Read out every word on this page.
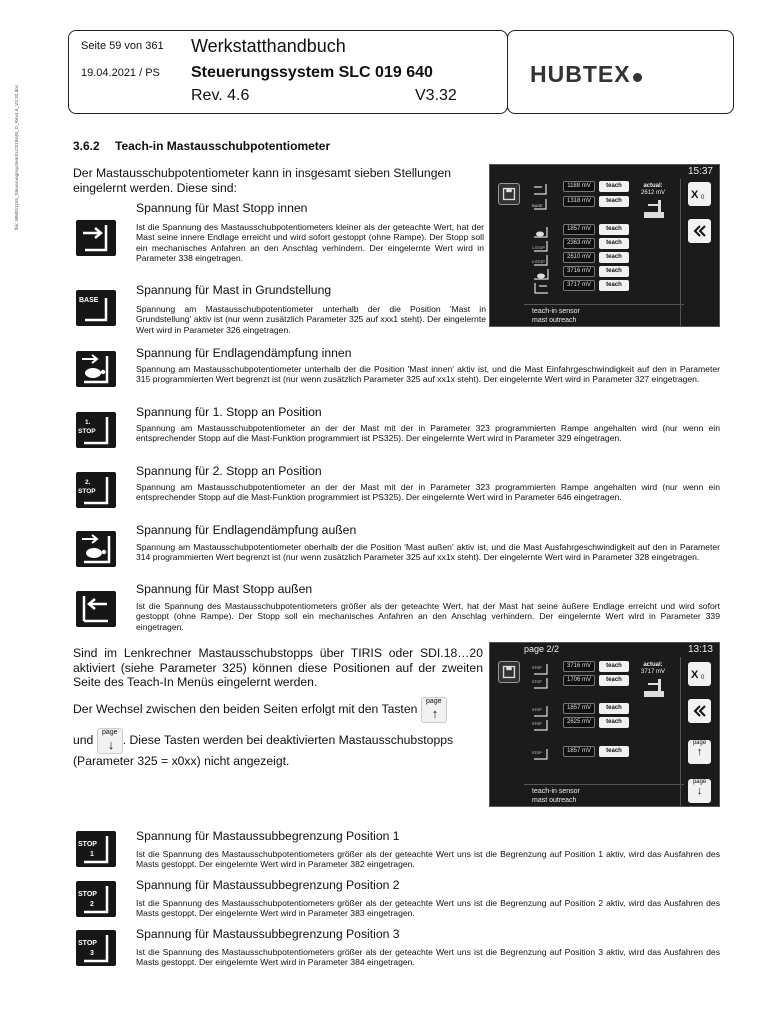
file: WM011155_SteuerungssystemSLC019640_D_Rev4.6_V3.32.doc
Seite 59 von 361
19.04.2021 / PS
Werkstatthandbuch
Steuerungssystem SLC 019 640
Rev. 4.6	V3.32
HUBTEX
3.6.2 Teach-in Mastausschubpotentiometer
Der Mastausschubpotentiometer kann in insgesamt sieben Stellungen eingelernt werden. Diese sind:
Spannung für Mast Stopp innen
Ist die Spannung des Mastausschubpotentiometers kleiner als der geteachte Wert, hat der Mast seine innere Endlage erreicht und wird sofort gestoppt (ohne Rampe). Der Stopp soll ein mechanisches Anfahren an den Anschlag verhindern. Der eingelernte Wert wird in Parameter 338 eingetragen.
Spannung für Mast in Grundstellung
Spannung am Mastausschubpotentiometer unterhalb der die Position 'Mast in Grundstellung' aktiv ist (nur wenn zusätzlich Parameter 325 auf xxx1 steht). Der eingelernte Wert wird in Parameter 326 eingetragen.
BASE
Spannung für Endlagendämpfung innen
Spannung am Mastausschubpotentiometer unterhalb der die Position 'Mast innen' aktiv ist, und die Mast Einfahrgeschwindigkeit auf den in Parameter 315 programmierten Wert begrenzt ist (nur wenn zusätzlich Parameter 325 auf xx1x steht). Der eingelernte Wert wird in Parameter 327 eingetragen.
Spannung für 1. Stopp an Position
Spannung am Mastausschubpotentiometer an der der Mast mit der in Parameter 323 programmierten Rampe angehalten wird (nur wenn ein entsprechender Stopp auf die Mast-Funktion programmiert ist PS325). Der eingelernte Wert wird in Parameter 329 eingetragen.
1.
STOP
Spannung für 2. Stopp an Position
Spannung am Mastausschubpotentiometer an der der Mast mit der in Parameter 323 programmierten Rampe angehalten wird (nur wenn ein entsprechender Stopp auf die Mast-Funktion programmiert ist PS325). Der eingelernte Wert wird in Parameter 646 eingetragen.
2.
STOP
Spannung für Endlagendämpfung außen
Spannung am Mastausschubpotentiometer oberhalb der die Position 'Mast außen' aktiv ist, und die Mast Ausfahrgeschwindigkeit auf den in Parameter 314 programmierten Wert begrenzt ist (nur wenn zusätzlich Parameter 325 auf xx1x steht). Der eingelernte Wert wird in Parameter 328 eingetragen.
Spannung für Mast Stopp außen
Ist die Spannung des Mastausschubpotentiometers größer als der geteachte Wert, hat der Mast hat seine äußere Endlage erreicht und wird sofort gestoppt (ohne Rampe). Der Stopp soll ein mechanisches Anfahren an den Anschlag verhindern. Der eingelernte Wert wird in Parameter 339 eingetragen.
15:37
1188 mV	teach
BASE
1318 mV	teach
actual:
2612 mV
1857 mV	teach
1.STOP
2363 mV	teach
2.STOP
2610 mV	teach
3716 mV	teach
3717 mV	teach
X 0
teach-in sensor
mast outreach
Sind im Lenkrechner Mastausschubstopps über TIRIS oder SDI.18…20 aktiviert (siehe Parameter 325) können diese Positionen auf der zweiten Seite des Teach-In Menüs eingelernt werden.
Der Wechsel zwischen den beiden Seiten erfolgt mit den Tasten page
↑
und page
↓ . Diese Tasten werden bei deaktivierten Mastausschubstopps (Parameter 325 = x0xx) nicht angezeigt.
page 2/2	13:13
STOP	3716 mV	teach
STOP	1706 mV	teach
actual:
3717 mV
STOP	1857 mV	teach
STOP	2625 mV	teach
STOP	1857 mV	teach
X 0
page
↑
page
↓
teach-in sensor
mast outreach
Spannung für Mastaussubbegrenzung Position 1
Ist die Spannung des Mastausschubpotentiometers größer als der geteachte Wert uns ist die Begrenzung auf Position 1 aktiv, wird das Ausfahren des Masts gestoppt. Der eingelernte Wert wird in Parameter 382 eingetragen.
STOP
1
Spannung für Mastaussubbegrenzung Position 2
Ist die Spannung des Mastausschubpotentiometers größer als der geteachte Wert uns ist die Begrenzung auf Position 2 aktiv, wird das Ausfahren des Masts gestoppt. Der eingelernte Wert wird in Parameter 383 eingetragen.
STOP
2
Spannung für Mastaussubbegrenzung Position 3
Ist die Spannung des Mastausschubpotentiometers größer als der geteachte Wert uns ist die Begrenzung auf Position 3 aktiv, wird das Ausfahren des Masts gestoppt. Der eingelernte Wert wird in Parameter 384 eingetragen.
STOP
3
